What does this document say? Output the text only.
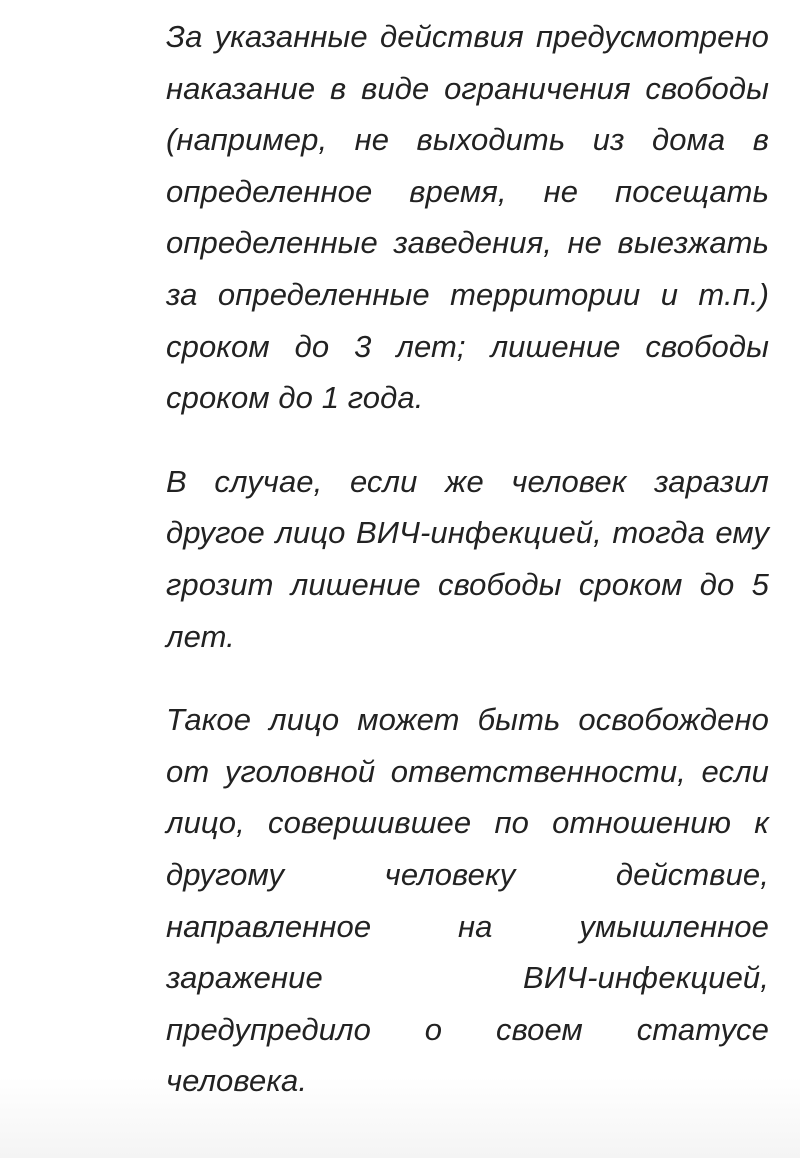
За указанные действия предусмотрено наказание в виде ограничения свободы (например, не выходить из дома в определенное время, не посещать определенные заведения, не выезжать за определенные территории и т.п.) сроком до 3 лет; лишение свободы сроком до 1 года.

В случае, если же человек заразил другое лицо ВИЧ-инфекцией, тогда ему грозит лишение свободы сроком до 5 лет.

Такое лицо может быть освобождено от уголовной ответственности, если лицо, совершившее по отношению к другому человеку действие, направленное на умышленное заражение ВИЧ-инфекцией, предупредило о своем статусе человека.
